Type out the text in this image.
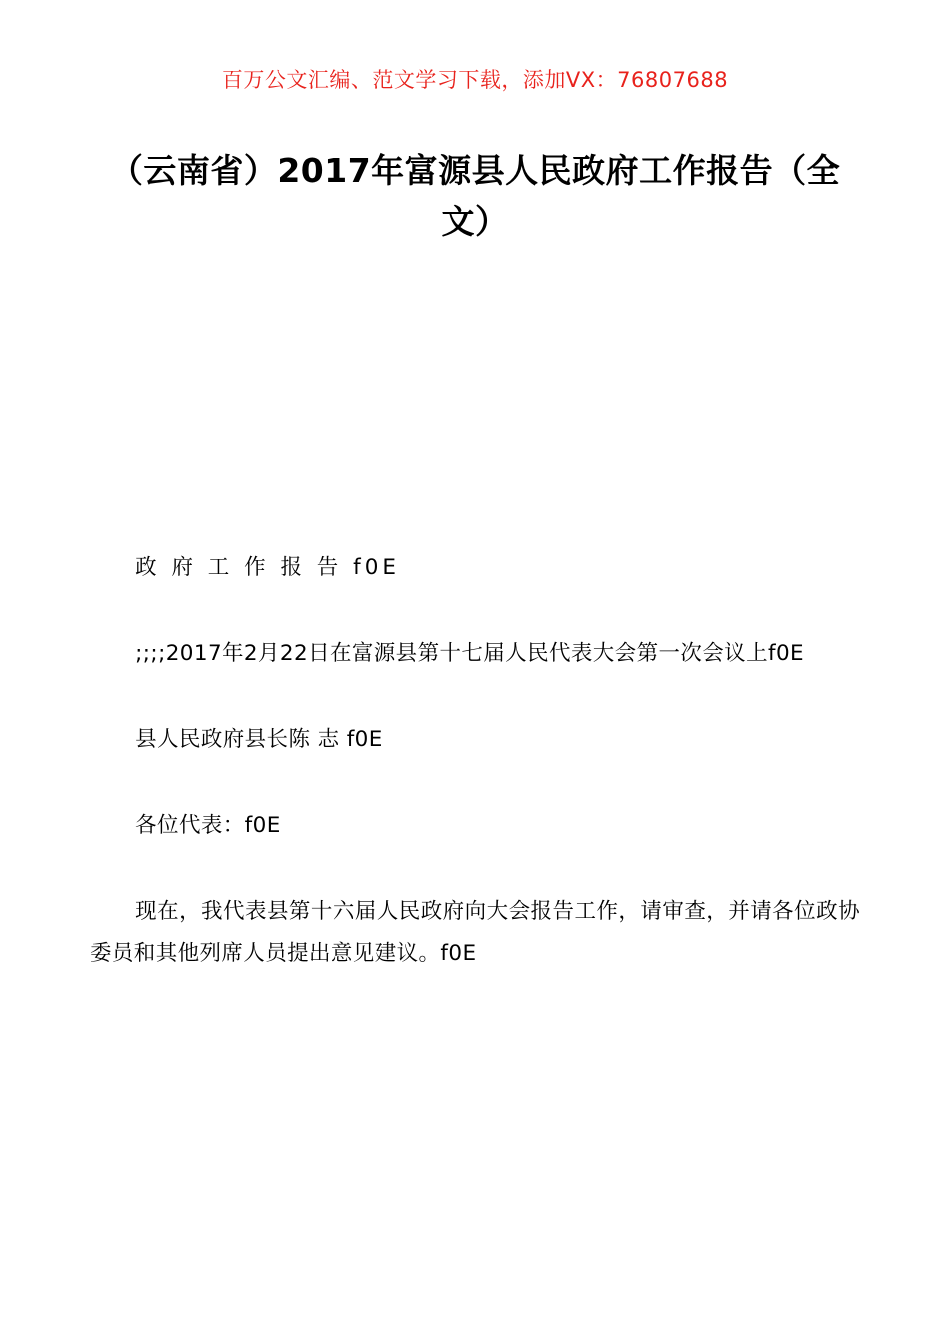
百万公文汇编、范文学习下载，添加VX：76807688
（云南省）2017年富源县人民政府工作报告（全文）

政 府 工 作 报 告 f0E

;;;;2017年2月22日在富源县第十七届人民代表大会第一次会议上f0E

县人民政府县长陈 志 f0E

各位代表：f0E

现在，我代表县第十六届人民政府向大会报告工作，请审查，并请各位政协委员和其他列席人员提出意见建议。f0E
